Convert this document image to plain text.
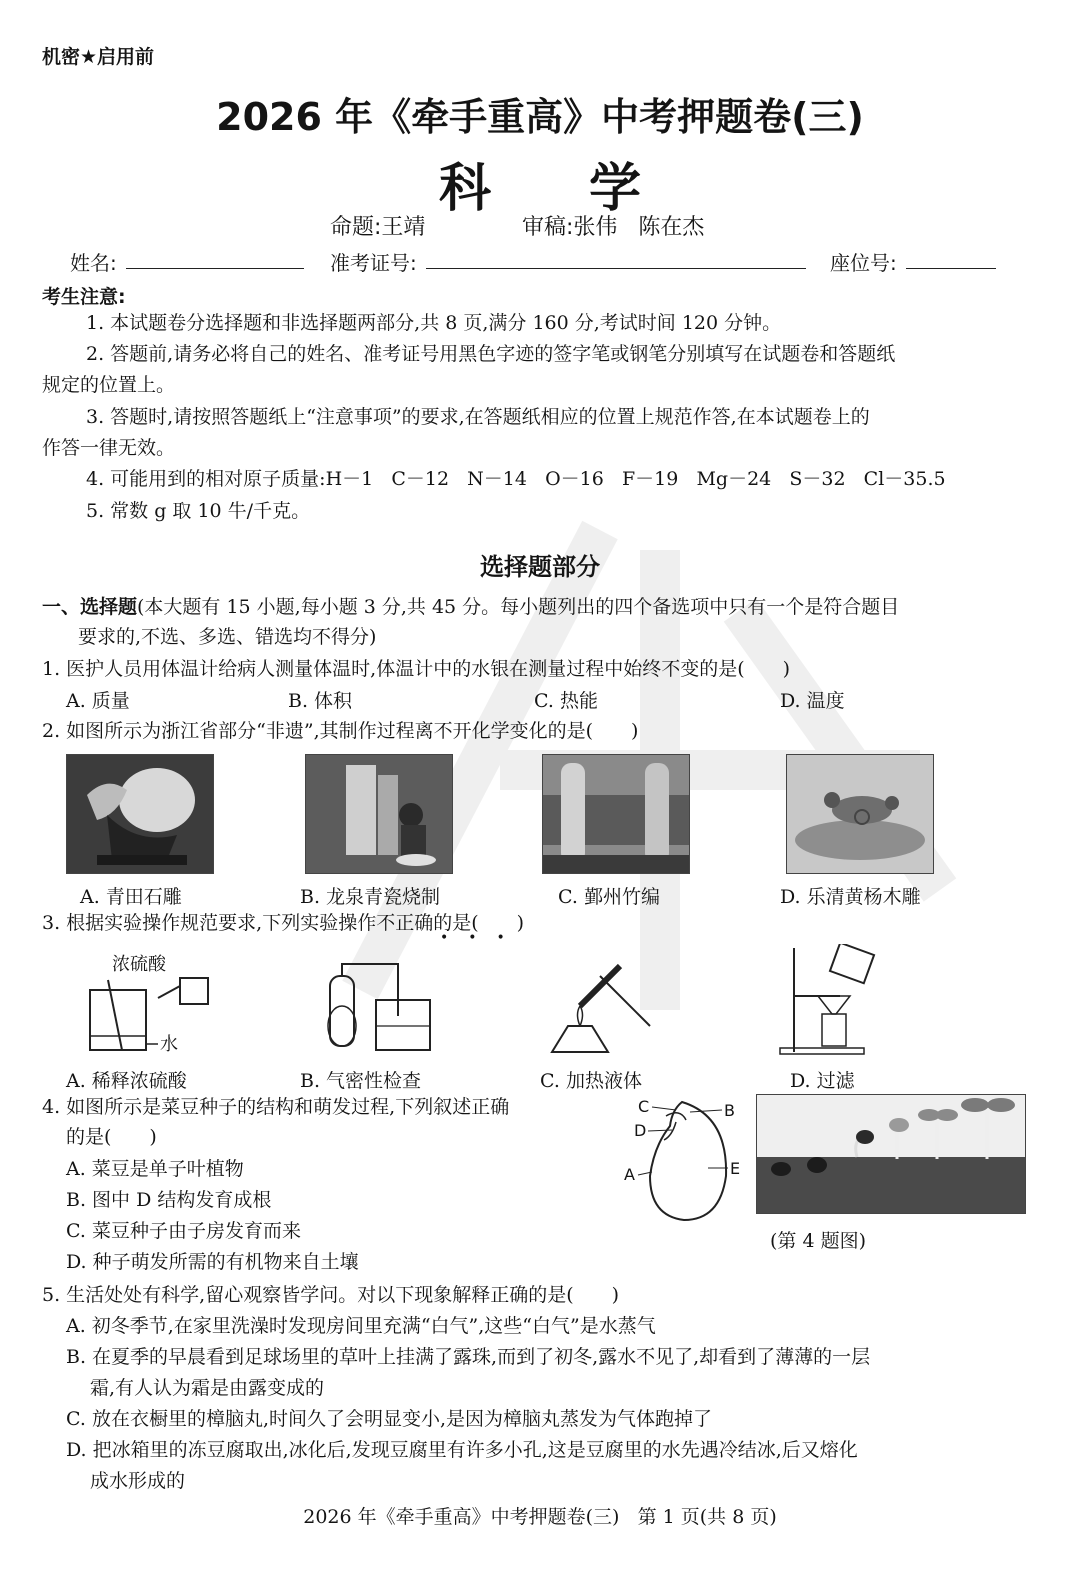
机密★启用前
2026 年《牵手重高》中考押题卷(三)
科 学
命题:王靖	审稿:张伟   陈在杰
姓名:	准考证号:	座位号:
考生注意:
1. 本试题卷分选择题和非选择题两部分,共 8 页,满分 160 分,考试时间 120 分钟。
2. 答题前,请务必将自己的姓名、准考证号用黑色字迹的签字笔或钢笔分别填写在试题卷和答题纸
规定的位置上。
3. 答题时,请按照答题纸上“注意事项”的要求,在答题纸相应的位置上规范作答,在本试题卷上的
作答一律无效。
4. 可能用到的相对原子质量:H－1   C－12   N－14   O－16   F－19   Mg－24   S－32   Cl－35.5
5. 常数 g 取 10 牛/千克。
选择题部分
一、选择题(本大题有 15 小题,每小题 3 分,共 45 分。每小题列出的四个备选项中只有一个是符合题目
要求的,不选、多选、错选均不得分)
1. 医护人员用体温计给病人测量体温时,体温计中的水银在测量过程中始终不变的是(　　)
A. 质量	B. 体积	C. 热能	D. 温度
2. 如图所示为浙江省部分“非遗”,其制作过程离不开化学变化的是(　　)
A. 青田石雕	B. 龙泉青瓷烧制	C. 鄞州竹编	D. 乐清黄杨木雕
3. 根据实验操作规范要求,下列实验操作不正确的是(　　)
•••
浓硫酸
水
A. 稀释浓硫酸	B. 气密性检查	C. 加热液体	D. 过滤
4. 如图所示是菜豆种子的结构和萌发过程,下列叙述正确
的是(　　)
A. 菜豆是单子叶植物
B. 图中 D 结构发育成根
C. 菜豆种子由子房发育而来
D. 种子萌发所需的有机物来自土壤
C	B
D
A	E
(第 4 题图)
5. 生活处处有科学,留心观察皆学问。对以下现象解释正确的是(　　)
A. 初冬季节,在家里洗澡时发现房间里充满“白气”,这些“白气”是水蒸气
B. 在夏季的早晨看到足球场里的草叶上挂满了露珠,而到了初冬,露水不见了,却看到了薄薄的一层
霜,有人认为霜是由露变成的
C. 放在衣橱里的樟脑丸,时间久了会明显变小,是因为樟脑丸蒸发为气体跑掉了
D. 把冰箱里的冻豆腐取出,冰化后,发现豆腐里有许多小孔,这是豆腐里的水先遇冷结冰,后又熔化
成水形成的
2026 年《牵手重高》中考押题卷(三)   第 1 页(共 8 页)
